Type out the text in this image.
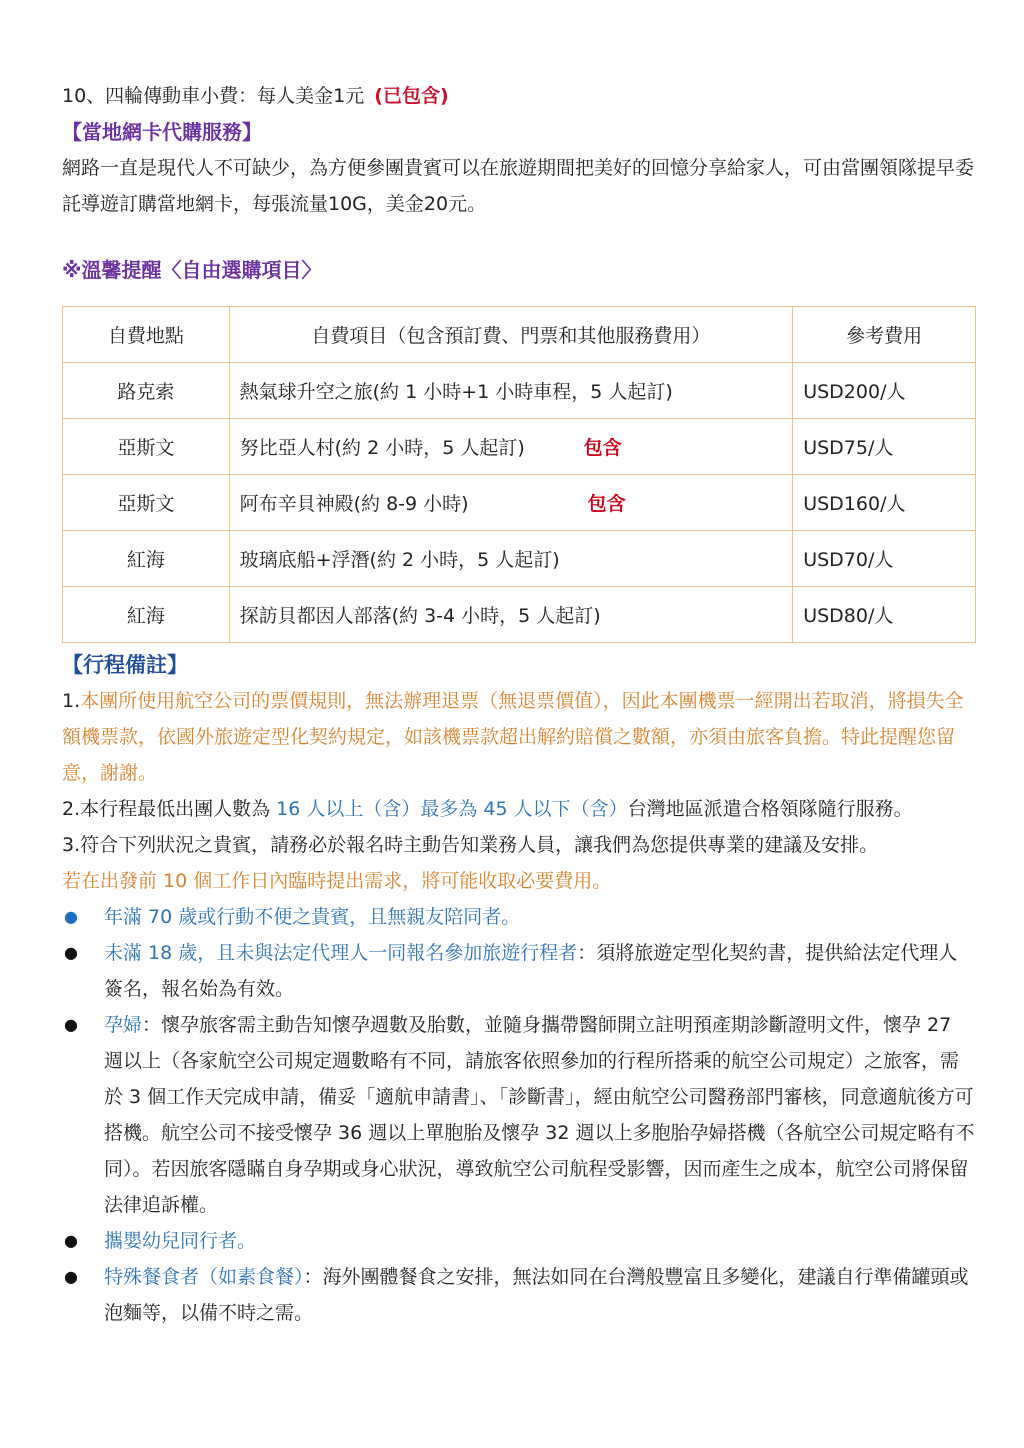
10、四輪傳動車小費：每人美金1元 (已包含)

【當地網卡代購服務】

網路一直是現代人不可缺少，為方便參團貴賓可以在旅遊期間把美好的回憶分享給家人，可由當團領隊提早委託導遊訂購當地網卡，每張流量10G，美金20元。

※溫馨提醒〈自由選購項目〉

自費地點	自費項目（包含預訂費、門票和其他服務費用）	參考費用
路克索	熱氣球升空之旅(約 1 小時+1 小時車程，5 人起訂)	USD200/人
亞斯文	努比亞人村(約 2 小時，5 人起訂) 包含	USD75/人
亞斯文	阿布辛貝神殿(約 8-9 小時) 包含	USD160/人
紅海	玻璃底船+浮潛(約 2 小時，5 人起訂)	USD70/人
紅海	探訪貝都因人部落(約 3-4 小時，5 人起訂)	USD80/人

【行程備註】

1.本團所使用航空公司的票價規則，無法辦理退票（無退票價值），因此本團機票一經開出若取消，將損失全額機票款，依國外旅遊定型化契約規定，如該機票款超出解約賠償之數額，亦須由旅客負擔。特此提醒您留意，謝謝。

2.本行程最低出團人數為 16 人以上（含）最多為 45 人以下（含）台灣地區派遣合格領隊隨行服務。

3.符合下列狀況之貴賓，請務必於報名時主動告知業務人員，讓我們為您提供專業的建議及安排。

若在出發前 10 個工作日內臨時提出需求，將可能收取必要費用。

● 年滿 70 歲或行動不便之貴賓，且無親友陪同者。
● 未滿 18 歲，且未與法定代理人一同報名參加旅遊行程者：須將旅遊定型化契約書，提供給法定代理人簽名，報名始為有效。
● 孕婦：懷孕旅客需主動告知懷孕週數及胎數，並隨身攜帶醫師開立註明預產期診斷證明文件，懷孕 27 週以上（各家航空公司規定週數略有不同，請旅客依照參加的行程所搭乘的航空公司規定）之旅客，需於 3 個工作天完成申請，備妥「適航申請書」、「診斷書」，經由航空公司醫務部門審核，同意適航後方可搭機。航空公司不接受懷孕 36 週以上單胞胎及懷孕 32 週以上多胞胎孕婦搭機（各航空公司規定略有不同）。若因旅客隱瞞自身孕期或身心狀況，導致航空公司航程受影響，因而產生之成本，航空公司將保留法律追訴權。
● 攜嬰幼兒同行者。
● 特殊餐食者（如素食餐）：海外團體餐食之安排，無法如同在台灣般豐富且多變化，建議自行準備罐頭或泡麵等，以備不時之需。
